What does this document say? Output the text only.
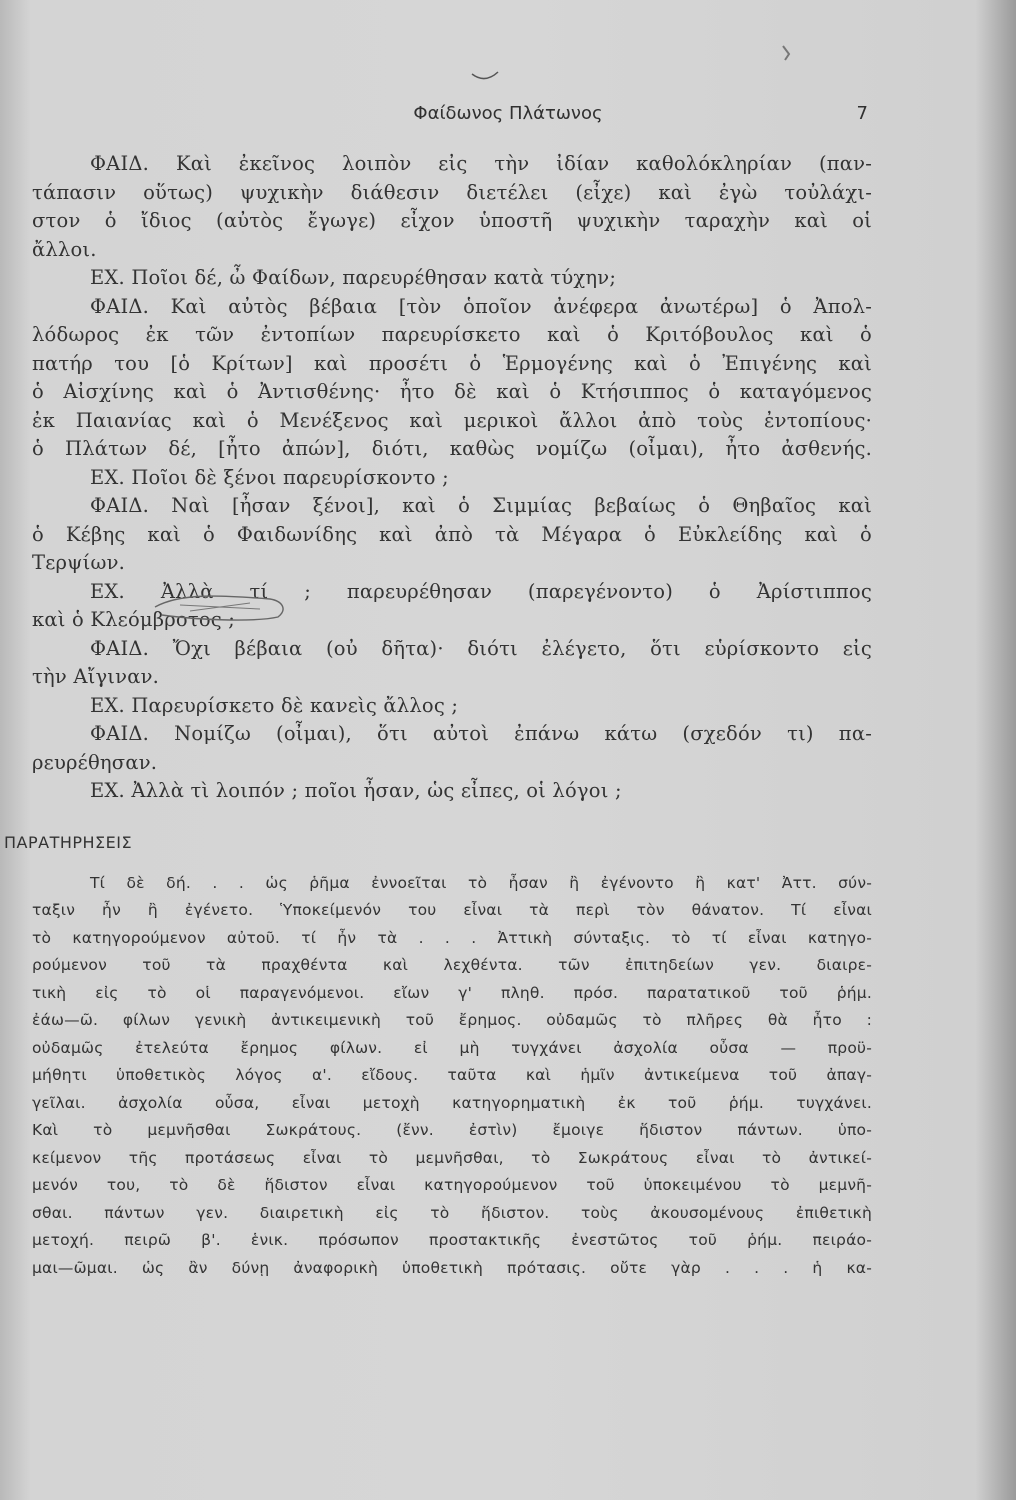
Φαίδωνος Πλάτωνος	7
ΦΑΙΔ. Καὶ ἐκεῖνος λοιπὸν εἰς τὴν ἰδίαν καθολόκληρίαν (παν-
τάπασιν οὕτως) ψυχικὴν διάθεσιν διετέλει (εἶχε) καὶ ἐγὼ τοὐλάχι-
στον ὁ ἴδιος (αὐτὸς ἔγωγε) εἶχον ὑποστῆ ψυχικὴν ταραχὴν καὶ οἱ
ἄλλοι.
ΕΧ. Ποῖοι δέ, ὦ Φαίδων, παρευρέθησαν κατὰ τύχην;
ΦΑΙΔ. Καὶ αὐτὸς βέβαια [τὸν ὁποῖον ἀνέφερα ἀνωτέρω] ὁ Ἀπολ-
λόδωρος ἐκ τῶν ἐντοπίων παρευρίσκετο καὶ ὁ Κριτόβουλος καὶ ὁ
πατήρ του [ὁ Κρίτων] καὶ προσέτι ὁ Ἑρμογένης καὶ ὁ Ἐπιγένης καὶ
ὁ Αἰσχίνης καὶ ὁ Ἀντισθένης· ἦτο δὲ καὶ ὁ Κτήσιππος ὁ καταγόμενος
ἐκ Παιανίας καὶ ὁ Μενέξενος καὶ μερικοὶ ἄλλοι ἀπὸ τοὺς ἐντοπίους·
ὁ Πλάτων δέ, [ἦτο ἀπών], διότι, καθὼς νομίζω (οἶμαι), ἦτο ἀσθενής.
ΕΧ. Ποῖοι δὲ ξένοι παρευρίσκοντο ;
ΦΑΙΔ. Ναὶ [ἦσαν ξένοι], καὶ ὁ Σιμμίας βεβαίως ὁ Θηβαῖος καὶ
ὁ Κέβης καὶ ὁ Φαιδωνίδης καὶ ἀπὸ τὰ Μέγαρα ὁ Εὐκλείδης καὶ ὁ
Τερψίων.
ΕΧ. Ἀλλὰ τί ; παρευρέθησαν (παρεγένοντο) ὁ Ἀρίστιππος
καὶ ὁ Κλεόμβροτος ;
ΦΑΙΔ. Ὄχι βέβαια (οὐ δῆτα)· διότι ἐλέγετο, ὅτι εὑρίσκοντο εἰς
τὴν Αἴγιναν.
ΕΧ. Παρευρίσκετο δὲ κανεὶς ἄλλος ;
ΦΑΙΔ. Νομίζω (οἶμαι), ὅτι αὐτοὶ ἐπάνω κάτω (σχεδόν τι) πα-
ρευρέθησαν.
ΕΧ. Ἀλλὰ τὶ λοιπόν ; ποῖοι ἦσαν, ὡς εἶπες, οἱ λόγοι ;
ΠΑΡΑΤΗΡΗΣΕΙΣ
Τί δὲ δή. . . ὡς ῥῆμα ἐννοεῖται τὸ ἦσαν ἢ ἐγένοντο ἢ κατ' Ἀττ. σύν-
ταξιν ἦν ἢ ἐγένετο. Ὑποκείμενόν του εἶναι τὰ περὶ τὸν θάνατον. Τί εἶναι
τὸ κατηγορούμενον αὐτοῦ. τί ἦν τὰ . . . Ἀττικὴ σύνταξις. τὸ τί εἶναι κατηγο-
ρούμενον τοῦ τὰ πραχθέντα καὶ λεχθέντα. τῶν ἐπιτηδείων γεν. διαιρε-
τικὴ εἰς τὸ οἱ παραγενόμενοι. εἴων γ' πληθ. πρόσ. παρατατικοῦ τοῦ ῥήμ.
ἐάω—ῶ. φίλων γενικὴ ἀντικειμενικὴ τοῦ ἔρημος. οὐδαμῶς τὸ πλῆρες θὰ ἦτο :
οὐδαμῶς ἐτελεύτα ἔρημος φίλων. εἰ μὴ τυγχάνει ἀσχολία οὖσα — προϋ-
μήθητι ὑποθετικὸς λόγος α'. εἴδους. ταῦτα καὶ ἡμῖν ἀντικείμενα τοῦ ἀπαγ-
γεῖλαι. ἀσχολία οὖσα, εἶναι μετοχὴ κατηγορηματικὴ ἐκ τοῦ ῥήμ. τυγχάνει.
Καὶ τὸ μεμνῆσθαι Σωκράτους. (ἔνν. ἐστὶν) ἔμοιγε ἥδιστον πάντων. ὑπο-
κείμενον τῆς προτάσεως εἶναι τὸ μεμνῆσθαι, τὸ Σωκράτους εἶναι τὸ ἀντικεί-
μενόν του, τὸ δὲ ἥδιστον εἶναι κατηγορούμενον τοῦ ὑποκειμένου τὸ μεμνῆ-
σθαι. πάντων γεν. διαιρετικὴ εἰς τὸ ἥδιστον. τοὺς ἀκουσομένους ἐπιθετικὴ
μετοχή. πειρῶ β'. ἑνικ. πρόσωπον προστακτικῆς ἐνεστῶτος τοῦ ῥήμ. πειράο-
μαι—ῶμαι. ὡς ἂν δύνῃ ἀναφορικὴ ὑποθετικὴ πρότασις. οὔτε γὰρ . . . ἡ κα-
